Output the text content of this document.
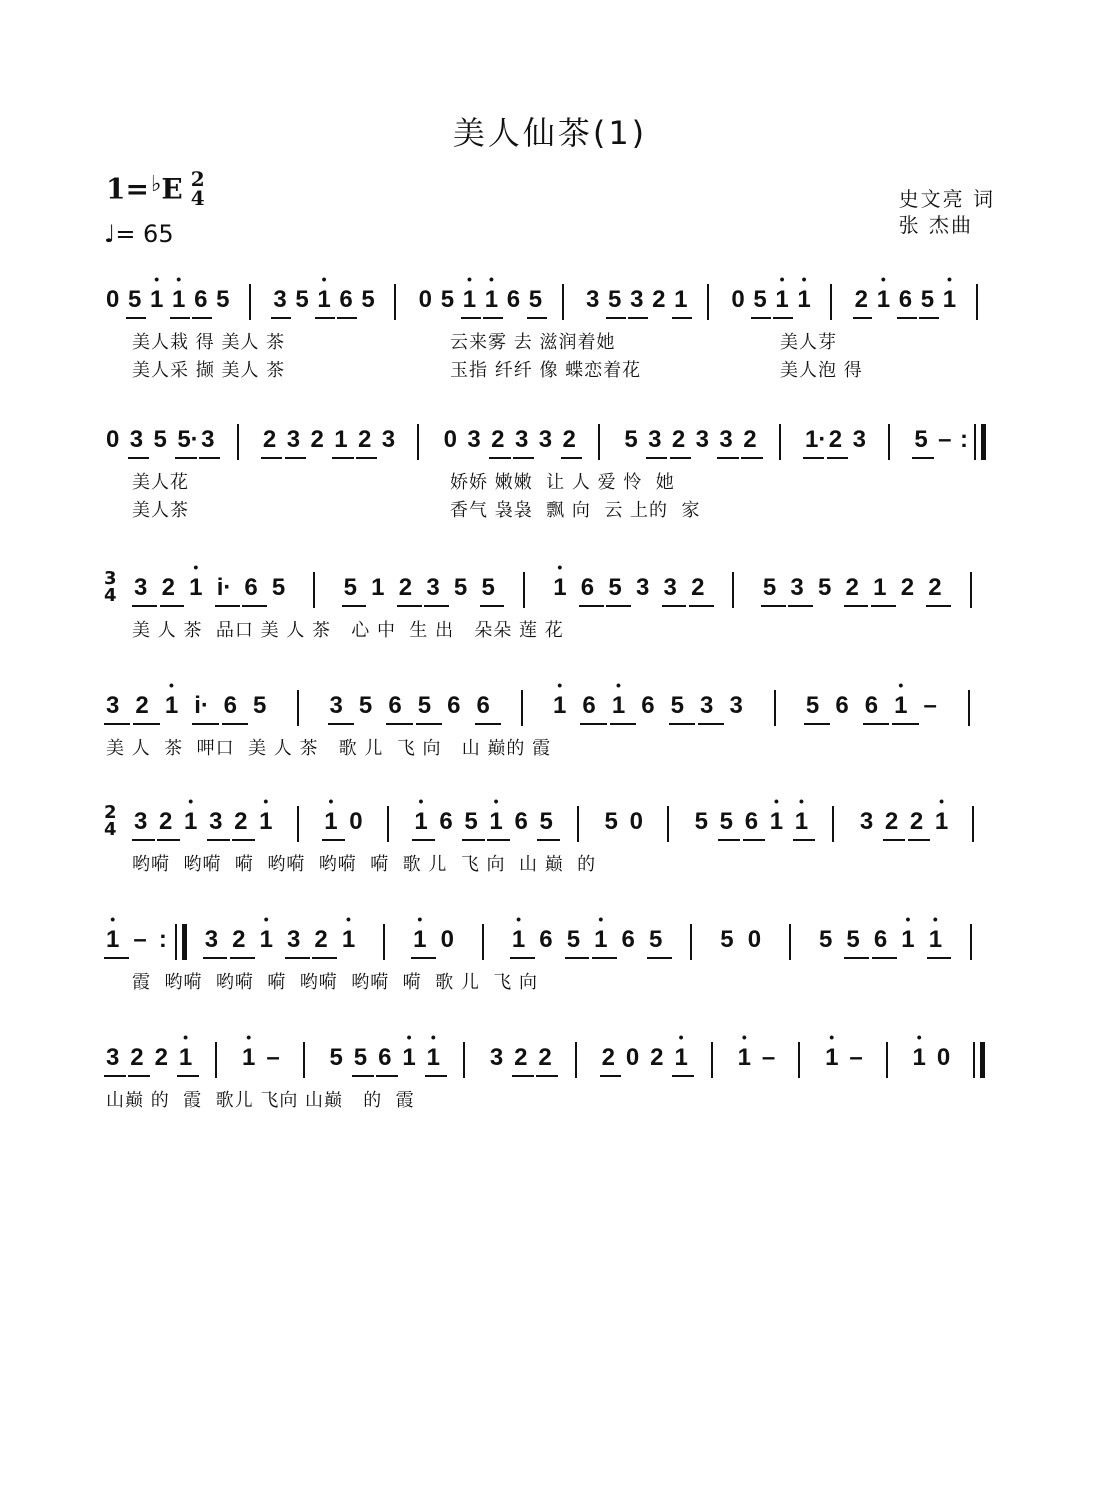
美人仙茶(1)
1=♭E 2
4
♩= 65
史文亮 词
张 杰曲
0 5 • 1 • 1 6 5 3 5 • 1 6 5 0 5 • 1 • 1 6 5 3 5 3 2 1 0 5 • 1 • 1 2 • 1 6 5 • 1
美人栽 得 美人 茶	云来雾 去 滋润着她	美人芽
美人采 撷 美人 茶	玉指 纤纤 像 蝶恋着花	美人泡 得
0 3 5 5· 3 2 3 2 1 2 3 0 3 2 3 3 2 5 3 2 3 3 2 1· 2 3 5 – :
美人花	娇娇 嫩嫩  让 人 爱 怜  她
美人茶	香气 袅袅  飘 向  云 上的  家
3
4 3 2 • 1 i· 6 5 5 1 2 3 5 5 • 1 6 5 3 3 2 5 3 5 2 1 2 2
美 人 茶  品口 美 人 茶   心 中  生 出   朵朵 莲 花
3 2 • 1 i· 6 5	3 5 6 5 6 6	• 1 6 • 1 6 5 3 3	5 6 6 • 1 –
美 人  茶  呷口  美 人 茶   歌 儿  飞 向   山 巅的 霞
2
4 3 2 • 1 3 2 • 1 • 1 0 • 1 6 5 • 1 6 5 5 0 5 5 6 • 1 • 1 3 2 2 • 1
哟嗬  哟嗬  嗬  哟嗬  哟嗬  嗬  歌 儿  飞 向  山 巅  的
• 1 – : 3 2 • 1 3 2 • 1 • 1 0 • 1 6 5 • 1 6 5 5 0 5 5 6 • 1 • 1
霞  哟嗬  哟嗬  嗬  哟嗬  哟嗬  嗬  歌 儿  飞 向
3 2 2 • 1 • 1 – 5 5 6 • 1 • 1 3 2 2 2 0 2 • 1 • 1 – • 1 – • 1 0
山巅 的  霞  歌儿 飞向 山巅   的  霞
